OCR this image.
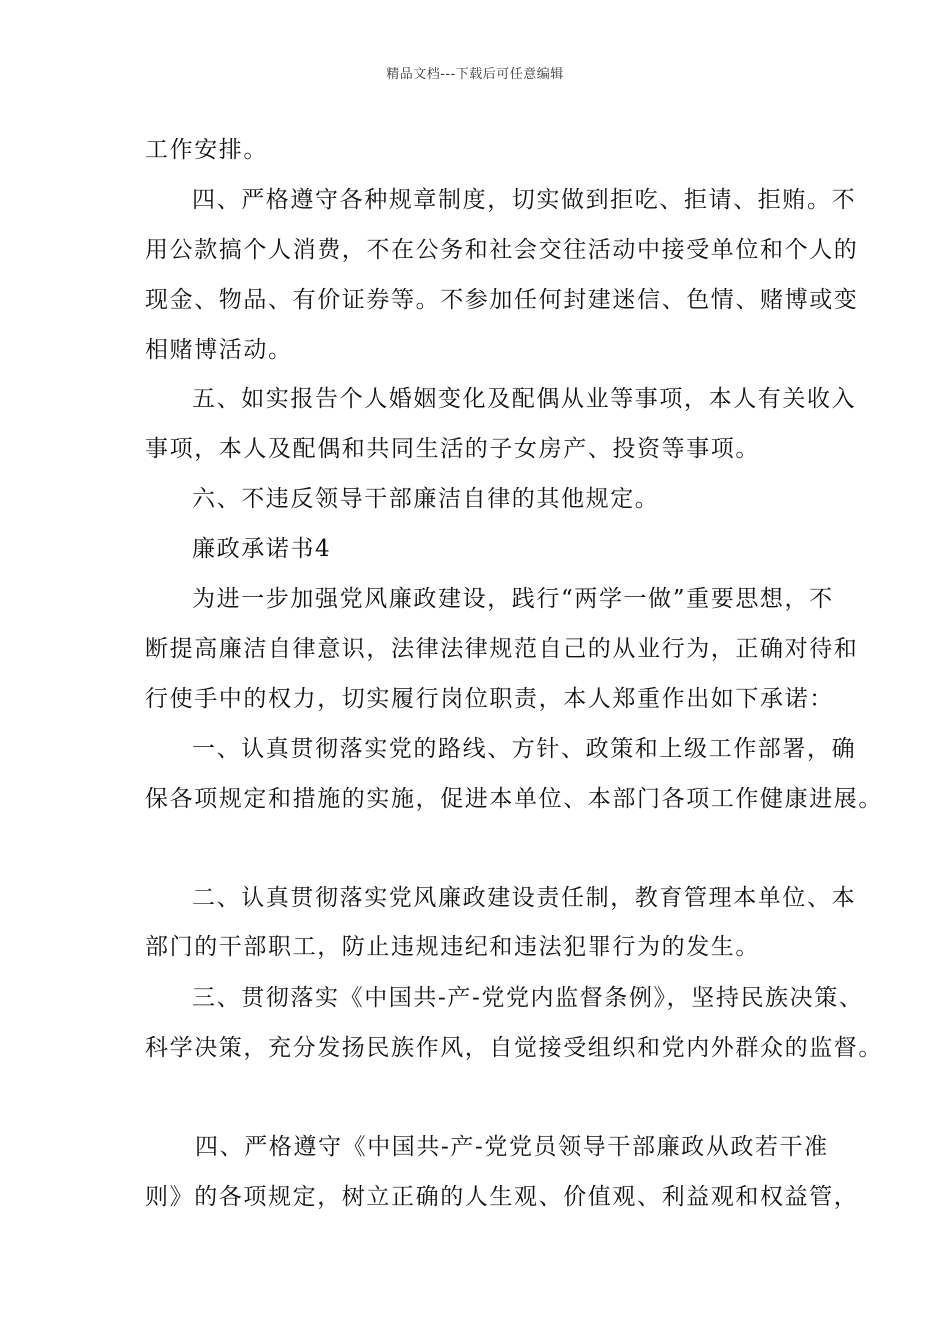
精品文档---下载后可任意编辑
工作安排。
四、严格遵守各种规章制度，切实做到拒吃、拒请、拒贿。不
用公款搞个人消费，不在公务和社会交往活动中接受单位和个人的
现金、物品、有价证券等。不参加任何封建迷信、色情、赌博或变
相赌博活动。
五、如实报告个人婚姻变化及配偶从业等事项，本人有关收入
事项，本人及配偶和共同生活的子女房产、投资等事项。
六、不违反领导干部廉洁自律的其他规定。
廉政承诺书4
为进一步加强党风廉政建设，践行“两学一做”重要思想，不
断提高廉洁自律意识，法律法律规范自己的从业行为，正确对待和
行使手中的权力，切实履行岗位职责，本人郑重作出如下承诺：
一、认真贯彻落实党的路线、方针、政策和上级工作部署，确
保各项规定和措施的实施，促进本单位、本部门各项工作健康进展。
二、认真贯彻落实党风廉政建设责任制，教育管理本单位、本
部门的干部职工，防止违规违纪和违法犯罪行为的发生。
三、贯彻落实《中国共-产-党党内监督条例》，坚持民族决策、
科学决策，充分发扬民族作风，自觉接受组织和党内外群众的监督。
四、严格遵守《中国共-产-党党员领导干部廉政从政若干准
则》的各项规定，树立正确的人生观、价值观、利益观和权益管，
